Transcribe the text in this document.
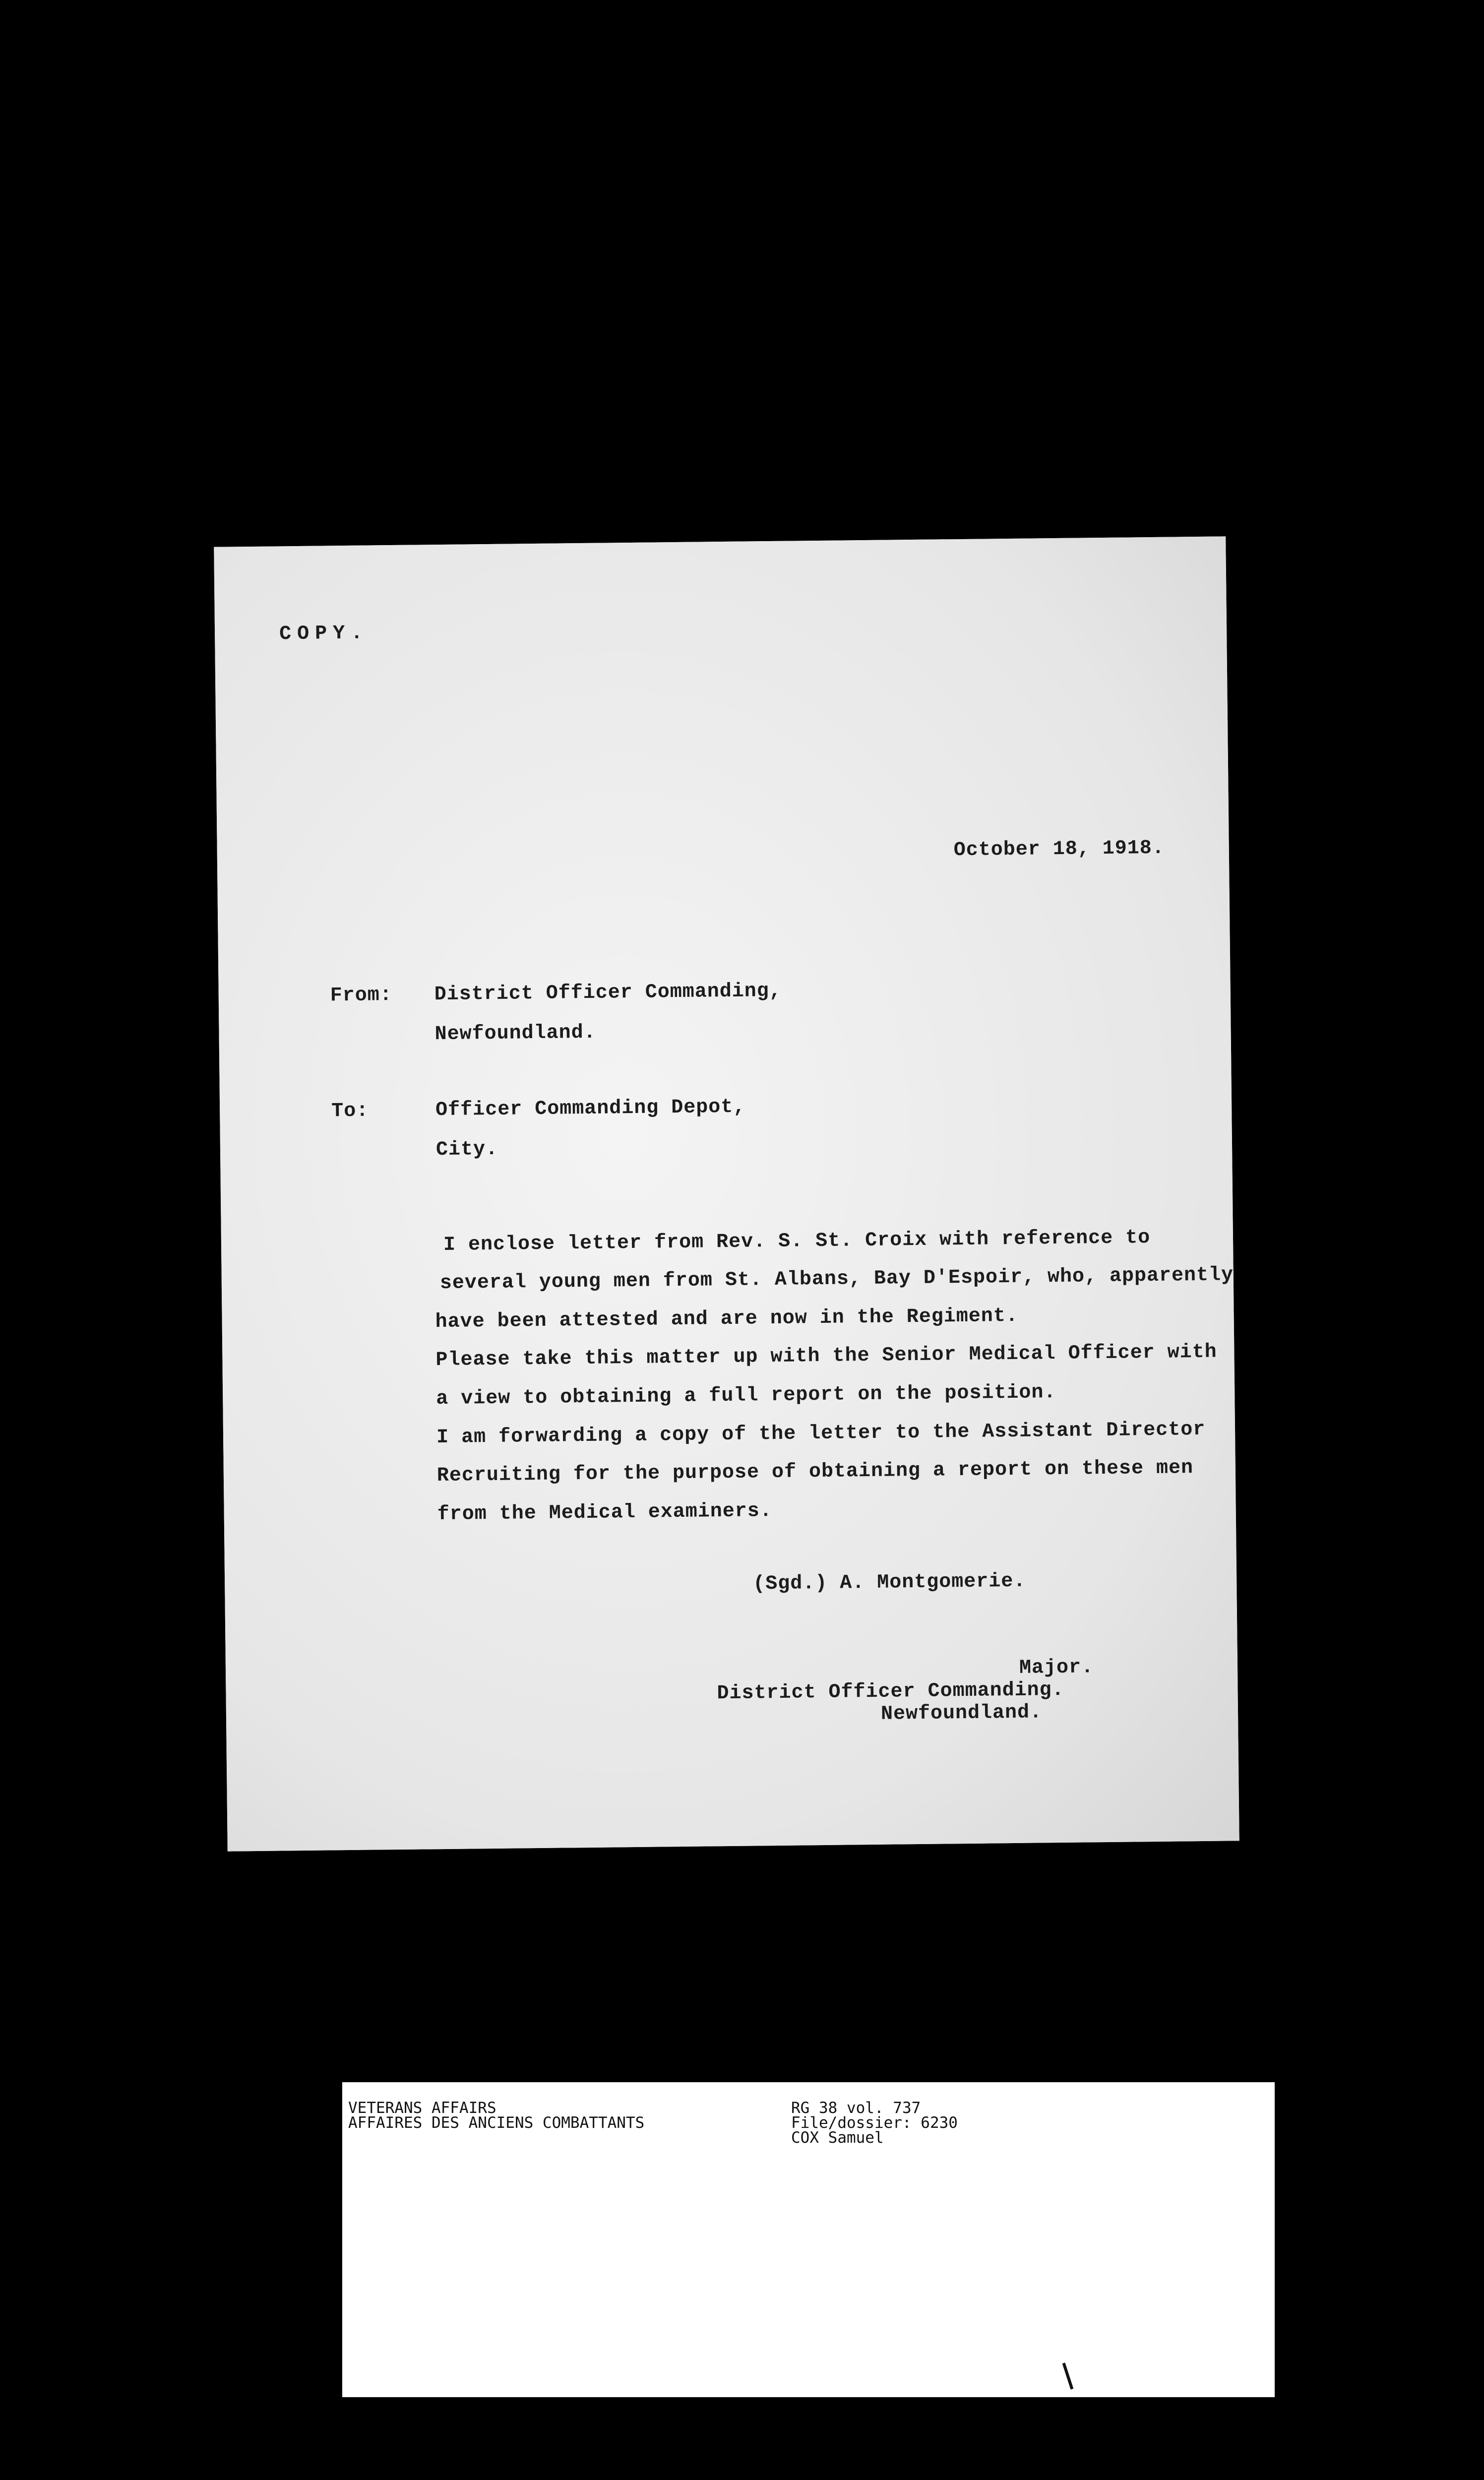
COPY.
October 18, 1918.
From: District Officer Commanding,
Newfoundland.
To:	Officer Commanding Depot,
City.
I enclose letter from Rev. S. St. Croix with reference to
several young men from St. Albans, Bay D'Espoir, who, apparently
have been attested and are now in the Regiment.
Please take this matter up with the Senior Medical Officer with
a view to obtaining a full report on the position.
I am forwarding a copy of the letter to the Assistant Director
Recruiting for the purpose of obtaining a report on these men
from the Medical examiners.
(Sgd.) A. Montgomerie.
Major.
District Officer Commanding.
Newfoundland.
VETERANS AFFAIRS
AFFAIRES DES ANCIENS COMBATTANTS
RG 38 vol. 737
File/dossier: 6230
COX Samuel
